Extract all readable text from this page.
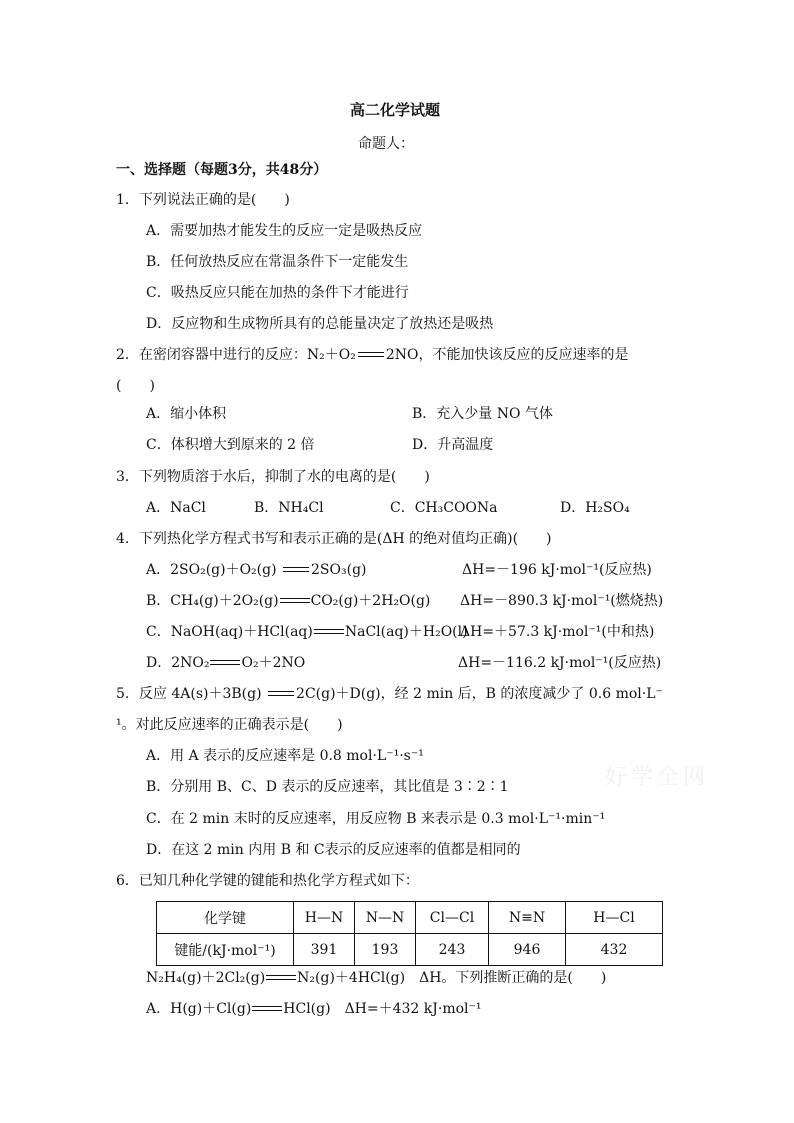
高二化学试题
命题人：
一、选择题（每题3分，共48分）
1．下列说法正确的是(　　)
A．需要加热才能发生的反应一定是吸热反应
B．任何放热反应在常温条件下一定能发生
C．吸热反应只能在加热的条件下才能进行
D．反应物和生成物所具有的总能量决定了放热还是吸热
2．在密闭容器中进行的反应：N₂＋O₂ 2NO，不能加快该反应的反应速率的是
(　　)
A．缩小体积	B．充入少量 NO 气体
C．体积增大到原来的 2 倍	D．升高温度
3．下列物质溶于水后，抑制了水的电离的是(　　)
A．NaCl	B．NH₄Cl	C．CH₃COONa	D．H₂SO₄
4．下列热化学方程式书写和表示正确的是(ΔH 的绝对值均正确)(　　)
A．2SO₂(g)＋O₂(g) 2SO₃(g)	ΔH=－196 kJ·mol⁻¹(反应热)
B．CH₄(g)＋2O₂(g) CO₂(g)＋2H₂O(g) ΔH=－890.3 kJ·mol⁻¹(燃烧热)
C．NaOH(aq)＋HCl(aq) NaCl(aq)＋H₂O(l)
ΔH=＋57.3 kJ·mol⁻¹(中和热)
D．2NO₂ O₂＋2NO	ΔH=－116.2 kJ·mol⁻¹(反应热)
5．反应 4A(s)＋3B(g) 2C(g)＋D(g)，经 2 min 后，B 的浓度减少了 0.6 mol·L⁻
¹。对此反应速率的正确表示是(　　)
A．用 A 表示的反应速率是 0.8 mol·L⁻¹·s⁻¹
B．分别用 B、C、D 表示的反应速率，其比值是 3∶2∶1
C．在 2 min 末时的反应速率，用反应物 B 来表示是 0.3 mol·L⁻¹·min⁻¹
D．在这 2 min 内用 B 和 C表示的反应速率的值都是相同的
6．已知几种化学键的键能和热化学方程式如下：
化学键	H—N	N—N	Cl—Cl	N≡N	H—Cl
键能/(kJ·mol⁻¹)	391	193	243	946	432
N₂H₄(g)＋2Cl₂(g) N₂(g)＋4HCl(g)　ΔH。下列推断正确的是(　　)
A．H(g)＋Cl(g) HCl(g)　ΔH=＋432 kJ·mol⁻¹
好学全网
